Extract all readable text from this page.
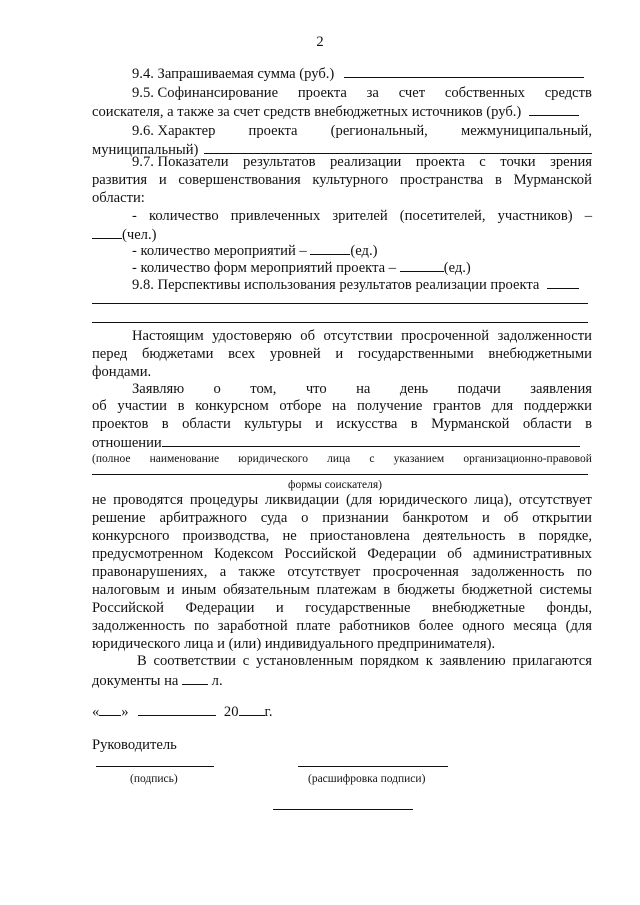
2
9.4. Запрашиваемая сумма (руб.)
9.5. Софинансирование проекта за счет собственных средств
соискателя, а также за счет средств внебюджетных источников (руб.)
9.6. Характер проекта (региональный, межмуниципальный,
муниципальный)
9.7. Показатели результатов реализации проекта с точки зрения
развития и совершенствования культурного пространства в Мурманской
области:
- количество привлеченных зрителей (посетителей, участников) –
(чел.)
- количество мероприятий –	(ед.)
- количество форм мероприятий проекта –	(ед.)
9.8. Перспективы использования результатов реализации проекта
Настоящим удостоверяю об отсутствии просроченной задолженности
перед бюджетами всех уровней и государственными внебюджетными
фондами.
Заявляю о том, что на день подачи заявления
об участии в конкурсном отборе на получение грантов для поддержки
проектов в области культуры и искусства в Мурманской области в
отношении
(полное наименование юридического лица с указанием организационно-правовой
формы соискателя)
не проводятся процедуры ликвидации (для юридического лица), отсутствует
решение арбитражного суда о признании банкротом и об открытии
конкурсного производства, не приостановлена деятельность в порядке,
предусмотренном Кодексом Российской Федерации об административных
правонарушениях, а также отсутствует просроченная задолженность по
налоговым и иным обязательным платежам в бюджеты бюджетной системы
Российской Федерации и государственные внебюджетные фонды,
задолженность по заработной плате работников более одного месяца (для
юридического лица и (или) индивидуального предпринимателя).
В соответствии с установленным порядком к заявлению прилагаются
документы на л.
« »	20 г.
Руководитель
(подпись)	(расшифровка подписи)
